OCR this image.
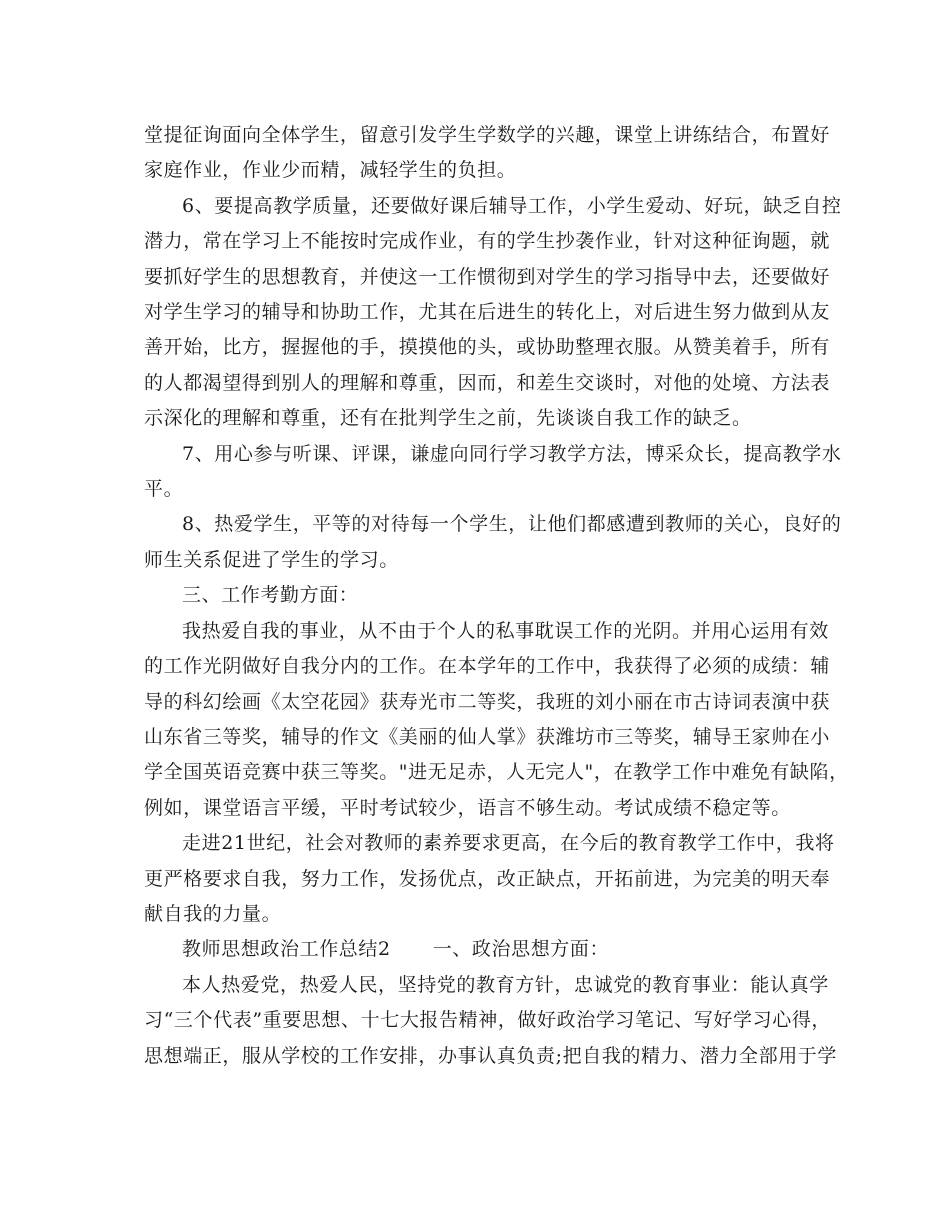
堂提征询面向全体学生，留意引发学生学数学的兴趣，课堂上讲练结合，布置好
家庭作业，作业少而精，减轻学生的负担。

6、要提高教学质量，还要做好课后辅导工作，小学生爱动、好玩，缺乏自控
潜力，常在学习上不能按时完成作业，有的学生抄袭作业，针对这种征询题，就
要抓好学生的思想教育，并使这一工作惯彻到对学生的学习指导中去，还要做好
对学生学习的辅导和协助工作，尤其在后进生的转化上，对后进生努力做到从友
善开始，比方，握握他的手，摸摸他的头，或协助整理衣服。从赞美着手，所有
的人都渴望得到别人的理解和尊重，因而，和差生交谈时，对他的处境、方法表
示深化的理解和尊重，还有在批判学生之前，先谈谈自我工作的缺乏。

7、用心参与听课、评课，谦虚向同行学习教学方法，博采众长，提高教学水
平。

8、热爱学生，平等的对待每一个学生，让他们都感遭到教师的关心，良好的
师生关系促进了学生的学习。

三、工作考勤方面：

我热爱自我的事业，从不由于个人的私事耽误工作的光阴。并用心运用有效
的工作光阴做好自我分内的工作。在本学年的工作中，我获得了必须的成绩：辅
导的科幻绘画《太空花园》获寿光市二等奖，我班的刘小丽在市古诗词表演中获
山东省三等奖，辅导的作文《美丽的仙人掌》获潍坊市三等奖，辅导王家帅在小
学全国英语竞赛中获三等奖。"进无足赤，人无完人"，在教学工作中难免有缺陷，
例如，课堂语言平缓，平时考试较少，语言不够生动。考试成绩不稳定等。

走进21世纪，社会对教师的素养要求更高，在今后的教育教学工作中，我将
更严格要求自我，努力工作，发扬优点，改正缺点，开拓前进，为完美的明天奉
献自我的力量。

教师思想政治工作总结2 一、政治思想方面：

本人热爱党，热爱人民，坚持党的教育方针，忠诚党的教育事业：能认真学
习“三个代表”重要思想、十七大报告精神，做好政治学习笔记、写好学习心得，
思想端正，服从学校的工作安排，办事认真负责;把自我的精力、潜力全部用于学
